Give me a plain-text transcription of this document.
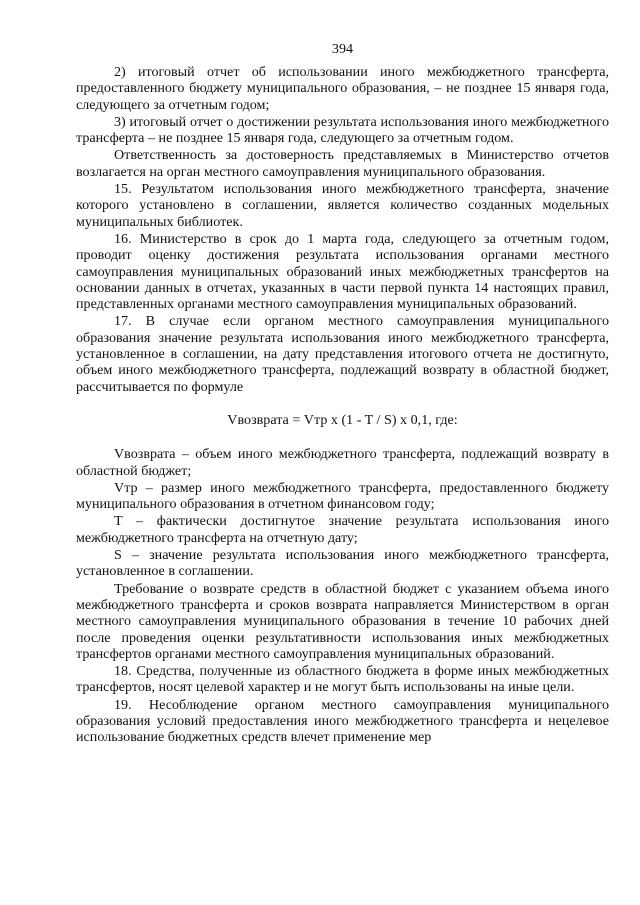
394

2) итоговый отчет об использовании иного межбюджетного трансферта, предоставленного бюджету муниципального образования, – не позднее 15 января года, следующего за отчетным годом;

3) итоговый отчет о достижении результата использования иного межбюджетного трансферта – не позднее 15 января года, следующего за отчетным годом.

Ответственность за достоверность представляемых в Министерство отчетов возлагается на орган местного самоуправления муниципального образования.

15. Результатом использования иного межбюджетного трансферта, значение которого установлено в соглашении, является количество созданных модельных муниципальных библиотек.

16. Министерство в срок до 1 марта года, следующего за отчетным годом, проводит оценку достижения результата использования органами местного самоуправления муниципальных образований иных межбюджетных трансфертов на основании данных в отчетах, указанных в части первой пункта 14 настоящих правил, представленных органами местного самоуправления муниципальных образований.

17. В случае если органом местного самоуправления муниципального образования значение результата использования иного межбюджетного трансферта, установленное в соглашении, на дату представления итогового отчета не достигнуто, объем иного межбюджетного трансферта, подлежащий возврату в областной бюджет, рассчитывается по формуле

Vвозврата = Vтр x (1 - T / S) x 0,1, где:

Vвозврата – объем иного межбюджетного трансферта, подлежащий возврату в областной бюджет;

Vтр – размер иного межбюджетного трансферта, предоставленного бюджету муниципального образования в отчетном финансовом году;

T – фактически достигнутое значение результата использования иного межбюджетного трансферта на отчетную дату;

S – значение результата использования иного межбюджетного трансферта, установленное в соглашении.

Требование о возврате средств в областной бюджет с указанием объема иного межбюджетного трансферта и сроков возврата направляется Министерством в орган местного самоуправления муниципального образования в течение 10 рабочих дней после проведения оценки результативности использования иных межбюджетных трансфертов органами местного самоуправления муниципальных образований.

18. Средства, полученные из областного бюджета в форме иных межбюджетных трансфертов, носят целевой характер и не могут быть использованы на иные цели.

19. Несоблюдение органом местного самоуправления муниципального образования условий предоставления иного межбюджетного трансферта и нецелевое использование бюджетных средств влечет применение мер
